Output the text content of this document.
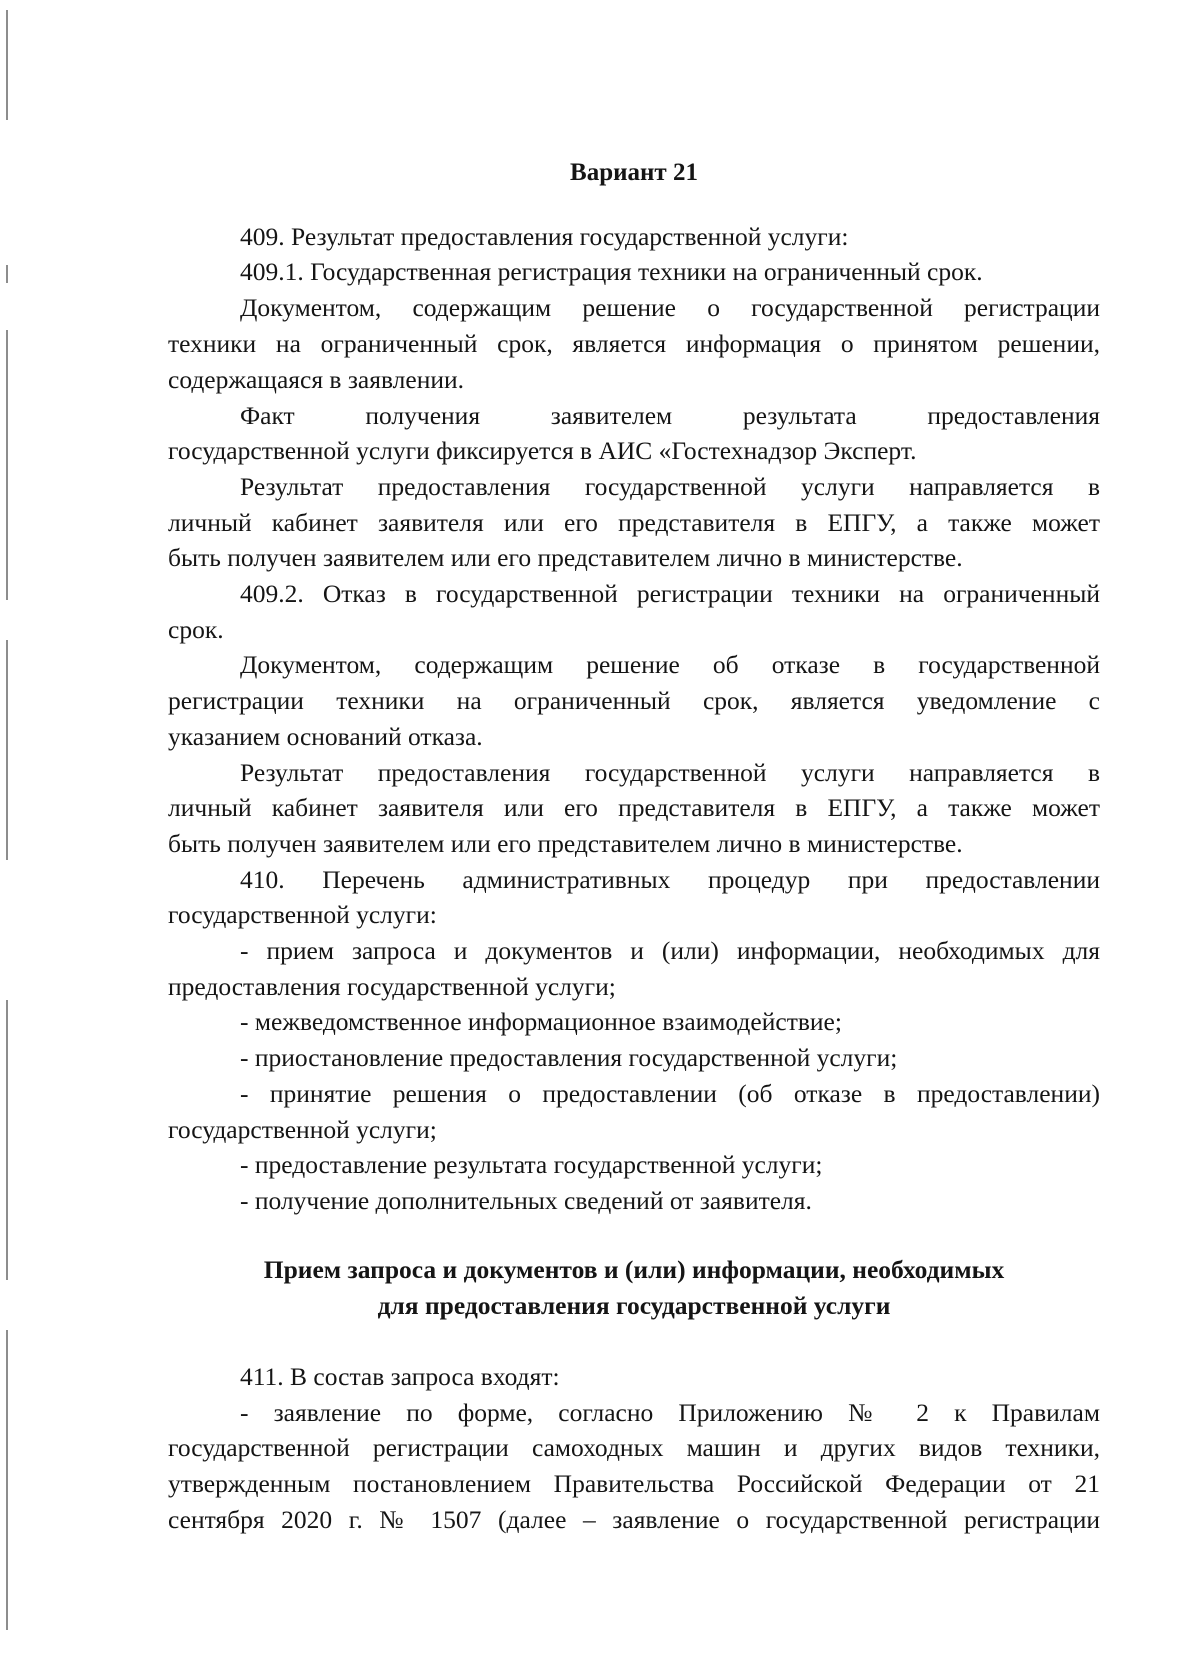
Вариант 21
409. Результат предоставления государственной услуги:
409.1. Государственная регистрация техники на ограниченный срок.
Документом, содержащим решение о государственной регистрации
техники на ограниченный срок, является информация о принятом решении,
содержащаяся в заявлении.
Факт получения заявителем результата предоставления
государственной услуги фиксируется в АИС «Гостехнадзор Эксперт.
Результат предоставления государственной услуги направляется в
личный кабинет заявителя или его представителя в ЕПГУ, а также может
быть получен заявителем или его представителем лично в министерстве.
409.2. Отказ в государственной регистрации техники на ограниченный
срок.
Документом, содержащим решение об отказе в государственной
регистрации техники на ограниченный срок, является уведомление с
указанием оснований отказа.
Результат предоставления государственной услуги направляется в
личный кабинет заявителя или его представителя в ЕПГУ, а также может
быть получен заявителем или его представителем лично в министерстве.
410. Перечень административных процедур при предоставлении
государственной услуги:
- прием запроса и документов и (или) информации, необходимых для
предоставления государственной услуги;
- межведомственное информационное взаимодействие;
- приостановление предоставления государственной услуги;
- принятие решения о предоставлении (об отказе в предоставлении)
государственной услуги;
- предоставление результата государственной услуги;
- получение дополнительных сведений от заявителя.
Прием запроса и документов и (или) информации, необходимых
для предоставления государственной услуги
411. В состав запроса входят:
- заявление по форме, согласно Приложению № 2 к Правилам
государственной регистрации самоходных машин и других видов техники,
утвержденным постановлением Правительства Российской Федерации от 21
сентября 2020 г. № 1507 (далее – заявление о государственной регистрации
